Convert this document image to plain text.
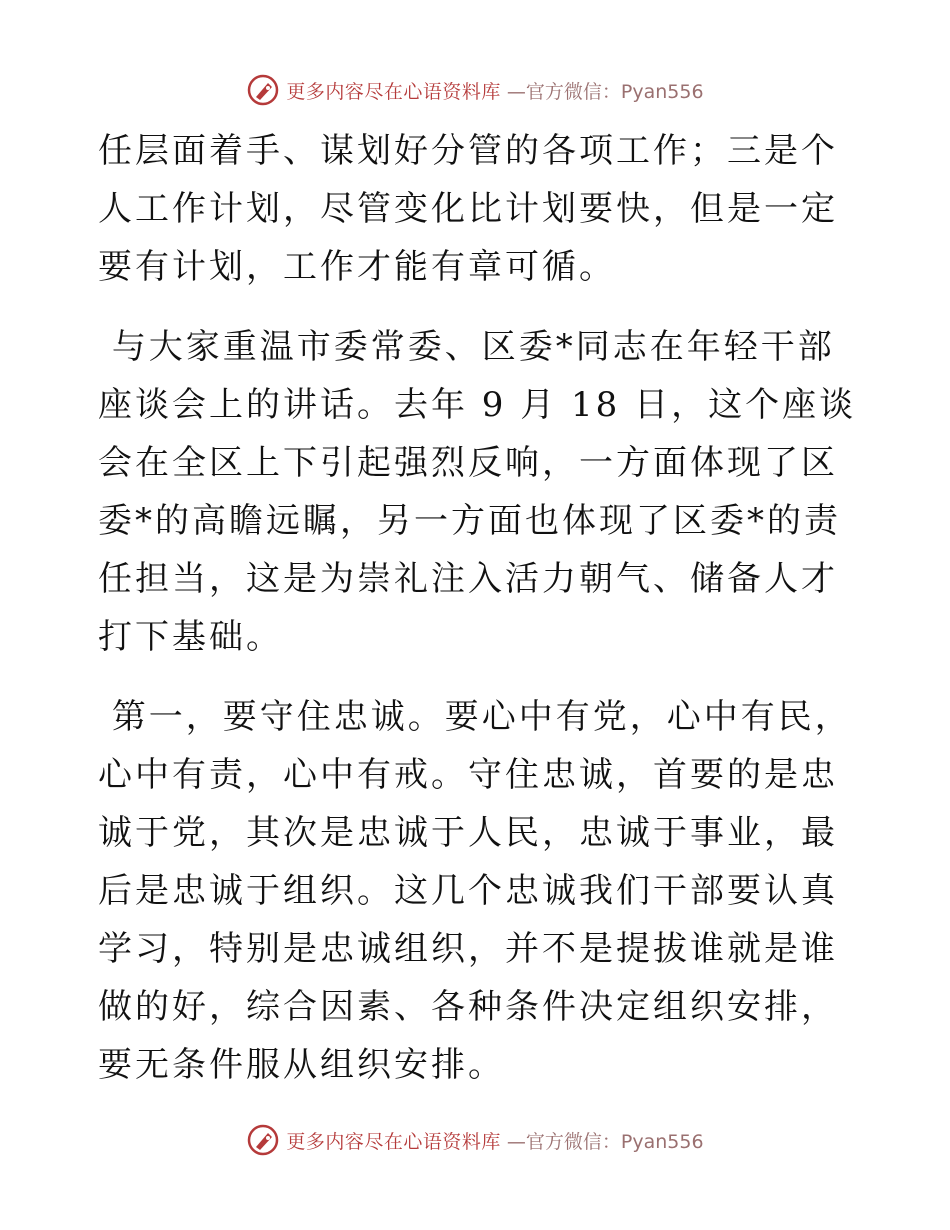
更多内容尽在心语资料库 —官方微信：Pyan556

任层面着手、谋划好分管的各项工作；三是个人工作计划，尽管变化比计划要快，但是一定要有计划，工作才能有章可循。

与大家重温市委常委、区委*同志在年轻干部座谈会上的讲话。去年 9 月 18 日，这个座谈会在全区上下引起强烈反响，一方面体现了区委*的高瞻远瞩，另一方面也体现了区委*的责任担当，这是为崇礼注入活力朝气、储备人才打下基础。

第一，要守住忠诚。要心中有党，心中有民，心中有责，心中有戒。守住忠诚，首要的是忠诚于党，其次是忠诚于人民，忠诚于事业，最后是忠诚于组织。这几个忠诚我们干部要认真学习，特别是忠诚组织，并不是提拔谁就是谁做的好，综合因素、各种条件决定组织安排，要无条件服从组织安排。

更多内容尽在心语资料库 —官方微信：Pyan556
